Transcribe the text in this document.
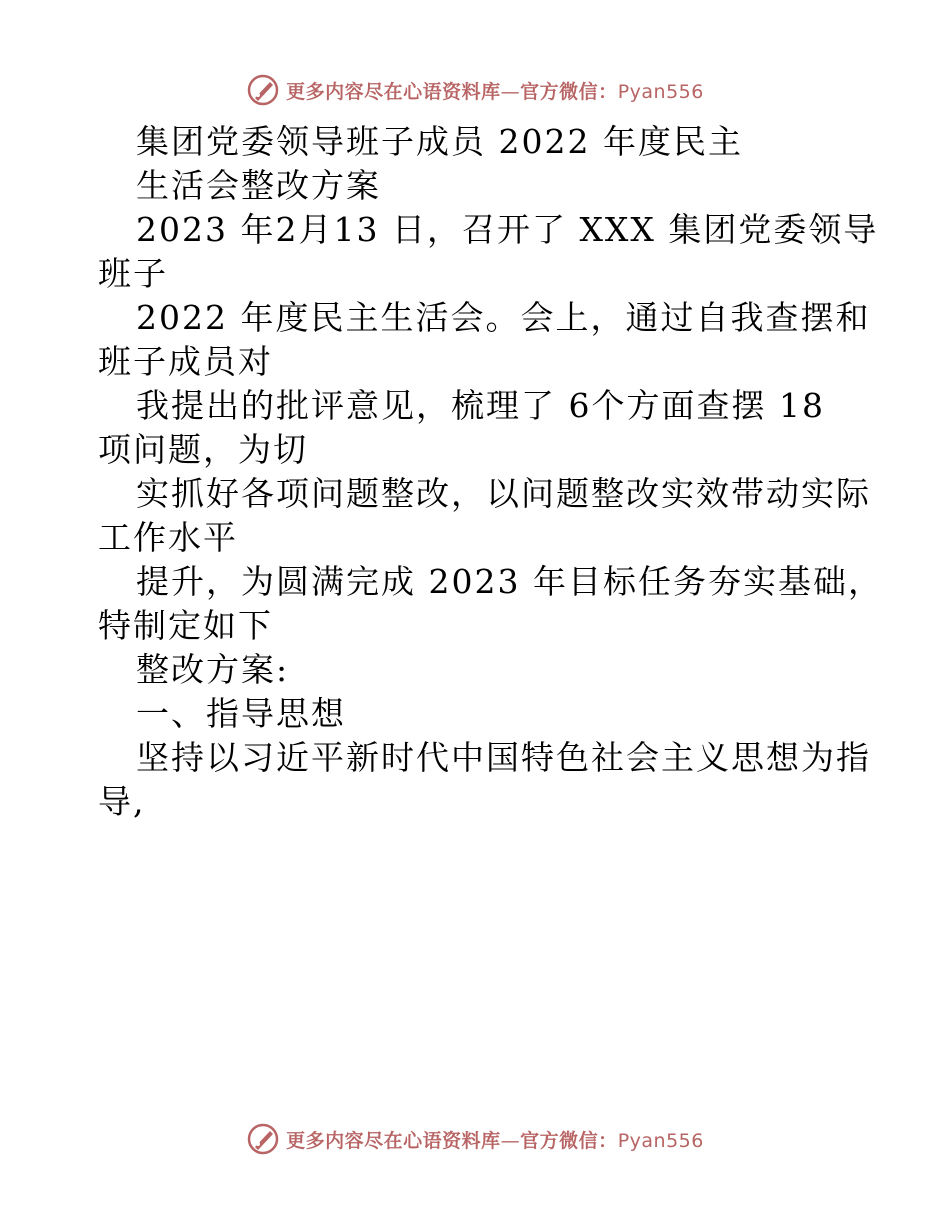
更多内容尽在心语资料库—官方微信：Pyan556
集团党委领导班子成员 2022 年度民主
生活会整改方案
2023 年2月13 日，召开了 XXX 集团党委领导
班子
2022 年度民主生活会。会上，通过自我查摆和
班子成员对
我提出的批评意见，梳理了 6个方面查摆 18
项问题，为切
实抓好各项问题整改，以问题整改实效带动实际
工作水平
提升，为圆满完成 2023 年目标任务夯实基础，
特制定如下
整改方案:
一、指导思想
坚持以习近平新时代中国特色社会主义思想为指
导,
更多内容尽在心语资料库—官方微信：Pyan556
